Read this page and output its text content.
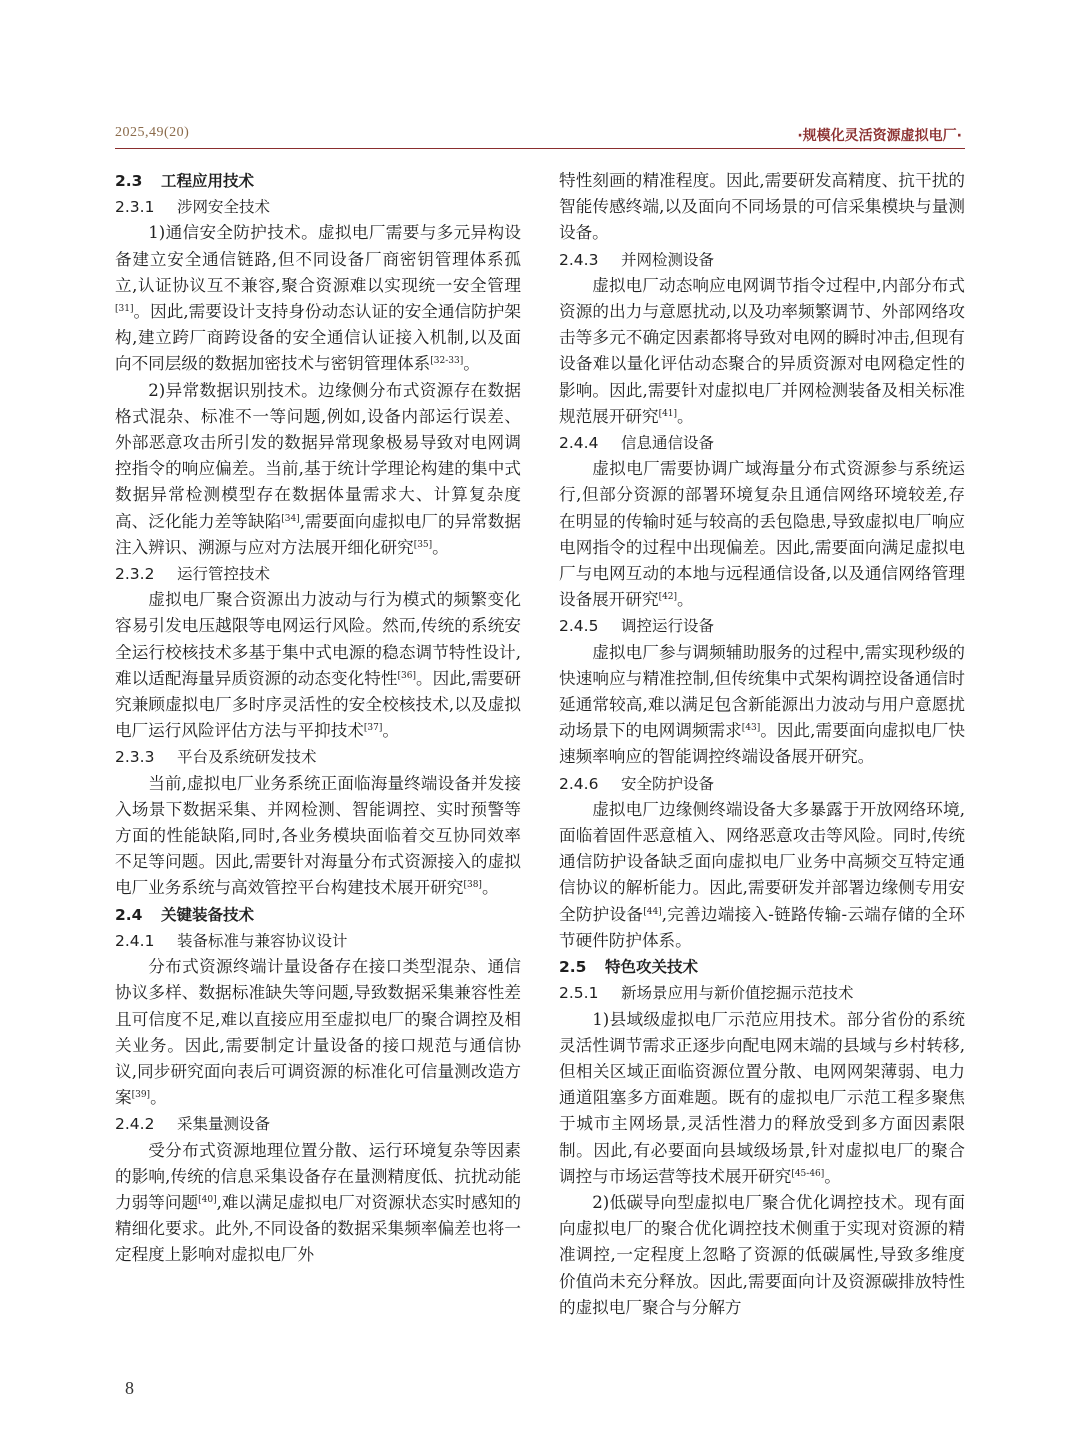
2025,49(20)	·规模化灵活资源虚拟电厂·
2.3 工程应用技术
2.3.1 涉网安全技术

1)通信安全防护技术。虚拟电厂需要与多元异构设备建立安全通信链路,但不同设备厂商密钥管理体系孤立,认证协议互不兼容,聚合资源难以实现统一安全管理[31]。因此,需要设计支持身份动态认证的安全通信防护架构,建立跨厂商跨设备的安全通信认证接入机制,以及面向不同层级的数据加密技术与密钥管理体系[32-33]。

2)异常数据识别技术。边缘侧分布式资源存在数据格式混杂、标准不一等问题,例如,设备内部运行误差、外部恶意攻击所引发的数据异常现象极易导致对电网调控指令的响应偏差。当前,基于统计学理论构建的集中式数据异常检测模型存在数据体量需求大、计算复杂度高、泛化能力差等缺陷[34],需要面向虚拟电厂的异常数据注入辨识、溯源与应对方法展开细化研究[35]。

2.3.2 运行管控技术

虚拟电厂聚合资源出力波动与行为模式的频繁变化容易引发电压越限等电网运行风险。然而,传统的系统安全运行校核技术多基于集中式电源的稳态调节特性设计,难以适配海量异质资源的动态变化特性[36]。因此,需要研究兼顾虚拟电厂多时序灵活性的安全校核技术,以及虚拟电厂运行风险评估方法与平抑技术[37]。

2.3.3 平台及系统研发技术

当前,虚拟电厂业务系统正面临海量终端设备并发接入场景下数据采集、并网检测、智能调控、实时预警等方面的性能缺陷,同时,各业务模块面临着交互协同效率不足等问题。因此,需要针对海量分布式资源接入的虚拟电厂业务系统与高效管控平台构建技术展开研究[38]。

2.4 关键装备技术
2.4.1 装备标准与兼容协议设计

分布式资源终端计量设备存在接口类型混杂、通信协议多样、数据标准缺失等问题,导致数据采集兼容性差且可信度不足,难以直接应用至虚拟电厂的聚合调控及相关业务。因此,需要制定计量设备的接口规范与通信协议,同步研究面向表后可调资源的标准化可信量测改造方案[39]。

2.4.2 采集量测设备

受分布式资源地理位置分散、运行环境复杂等因素的影响,传统的信息采集设备存在量测精度低、抗扰动能力弱等问题[40],难以满足虚拟电厂对资源状态实时感知的精细化要求。此外,不同设备的数据采集频率偏差也将一定程度上影响对虚拟电厂外

特性刻画的精准程度。因此,需要研发高精度、抗干扰的智能传感终端,以及面向不同场景的可信采集模块与量测设备。

2.4.3 并网检测设备

虚拟电厂动态响应电网调节指令过程中,内部分布式资源的出力与意愿扰动,以及功率频繁调节、外部网络攻击等多元不确定因素都将导致对电网的瞬时冲击,但现有设备难以量化评估动态聚合的异质资源对电网稳定性的影响。因此,需要针对虚拟电厂并网检测装备及相关标准规范展开研究[41]。

2.4.4 信息通信设备

虚拟电厂需要协调广域海量分布式资源参与系统运行,但部分资源的部署环境复杂且通信网络环境较差,存在明显的传输时延与较高的丢包隐患,导致虚拟电厂响应电网指令的过程中出现偏差。因此,需要面向满足虚拟电厂与电网互动的本地与远程通信设备,以及通信网络管理设备展开研究[42]。

2.4.5 调控运行设备

虚拟电厂参与调频辅助服务的过程中,需实现秒级的快速响应与精准控制,但传统集中式架构调控设备通信时延通常较高,难以满足包含新能源出力波动与用户意愿扰动场景下的电网调频需求[43]。因此,需要面向虚拟电厂快速频率响应的智能调控终端设备展开研究。

2.4.6 安全防护设备

虚拟电厂边缘侧终端设备大多暴露于开放网络环境,面临着固件恶意植入、网络恶意攻击等风险。同时,传统通信防护设备缺乏面向虚拟电厂业务中高频交互特定通信协议的解析能力。因此,需要研发并部署边缘侧专用安全防护设备[44],完善边端接入-链路传输-云端存储的全环节硬件防护体系。

2.5 特色攻关技术
2.5.1 新场景应用与新价值挖掘示范技术

1)县域级虚拟电厂示范应用技术。部分省份的系统灵活性调节需求正逐步向配电网末端的县域与乡村转移,但相关区域正面临资源位置分散、电网网架薄弱、电力通道阻塞多方面难题。既有的虚拟电厂示范工程多聚焦于城市主网场景,灵活性潜力的释放受到多方面因素限制。因此,有必要面向县域级场景,针对虚拟电厂的聚合调控与市场运营等技术展开研究[45-46]。

2)低碳导向型虚拟电厂聚合优化调控技术。现有面向虚拟电厂的聚合优化调控技术侧重于实现对资源的精准调控,一定程度上忽略了资源的低碳属性,导致多维度价值尚未充分释放。因此,需要面向计及资源碳排放特性的虚拟电厂聚合与分解方

8
